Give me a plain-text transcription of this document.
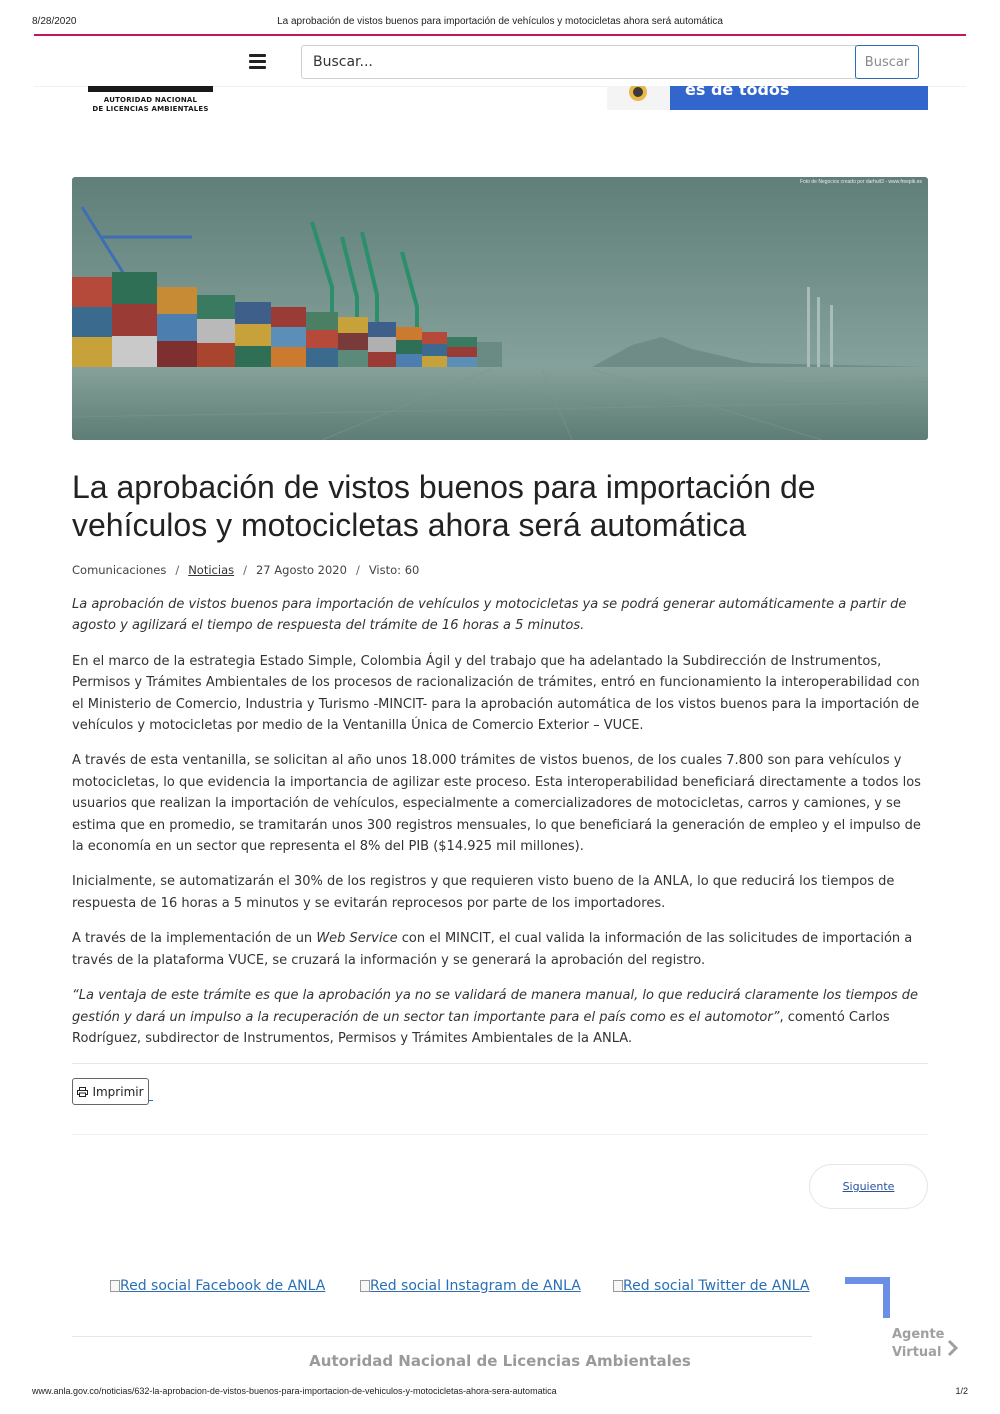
8/28/2020	La aprobación de vistos buenos para importación de vehículos y motocicletas ahora será automática
Buscar...
Buscar
AUTORIDAD NACIONAL
DE LICENCIAS AMBIENTALES
es de todos
Foto de Negocios creado por darhuit3 - www.freepik.es
La aprobación de vistos buenos para importación de vehículos y motocicletas ahora será automática
Comunicaciones / Noticias / 27 Agosto 2020 / Visto: 60

La aprobación de vistos buenos para importación de vehículos y motocicletas ya se podrá generar automáticamente a partir de agosto y agilizará el tiempo de respuesta del trámite de 16 horas a 5 minutos.

En el marco de la estrategia Estado Simple, Colombia Ágil y del trabajo que ha adelantado la Subdirección de Instrumentos, Permisos y Trámites Ambientales de los procesos de racionalización de trámites, entró en funcionamiento la interoperabilidad con el Ministerio de Comercio, Industria y Turismo -MINCIT- para la aprobación automática de los vistos buenos para la importación de vehículos y motocicletas por medio de la Ventanilla Única de Comercio Exterior – VUCE.

A través de esta ventanilla, se solicitan al año unos 18.000 trámites de vistos buenos, de los cuales 7.800 son para vehículos y motocicletas, lo que evidencia la importancia de agilizar este proceso. Esta interoperabilidad beneficiará directamente a todos los usuarios que realizan la importación de vehículos, especialmente a comercializadores de motocicletas, carros y camiones, y se estima que en promedio, se tramitarán unos 300 registros mensuales, lo que beneficiará la generación de empleo y el impulso de la economía en un sector que representa el 8% del PIB ($14.925 mil millones).

Inicialmente, se automatizarán el 30% de los registros y que requieren visto bueno de la ANLA, lo que reducirá los tiempos de respuesta de 16 horas a 5 minutos y se evitarán reprocesos por parte de los importadores.

A través de la implementación de un Web Service con el MINCIT, el cual valida la información de las solicitudes de importación a través de la plataforma VUCE, se cruzará la información y se generará la aprobación del registro.

“La ventaja de este trámite es que la aprobación ya no se validará de manera manual, lo que reducirá claramente los tiempos de gestión y dará un impulso a la recuperación de un sector tan importante para el país como es el automotor”, comentó Carlos Rodríguez, subdirector de Instrumentos, Permisos y Trámites Ambientales de la ANLA.

Imprimir
Siguiente
Red social Facebook de ANLA	Red social Instagram de ANLA	Red social Twitter de ANLA
Agente
Virtual
Autoridad Nacional de Licencias Ambientales
www.anla.gov.co/noticias/632-la-aprobacion-de-vistos-buenos-para-importacion-de-vehiculos-y-motocicletas-ahora-sera-automatica	1/2
